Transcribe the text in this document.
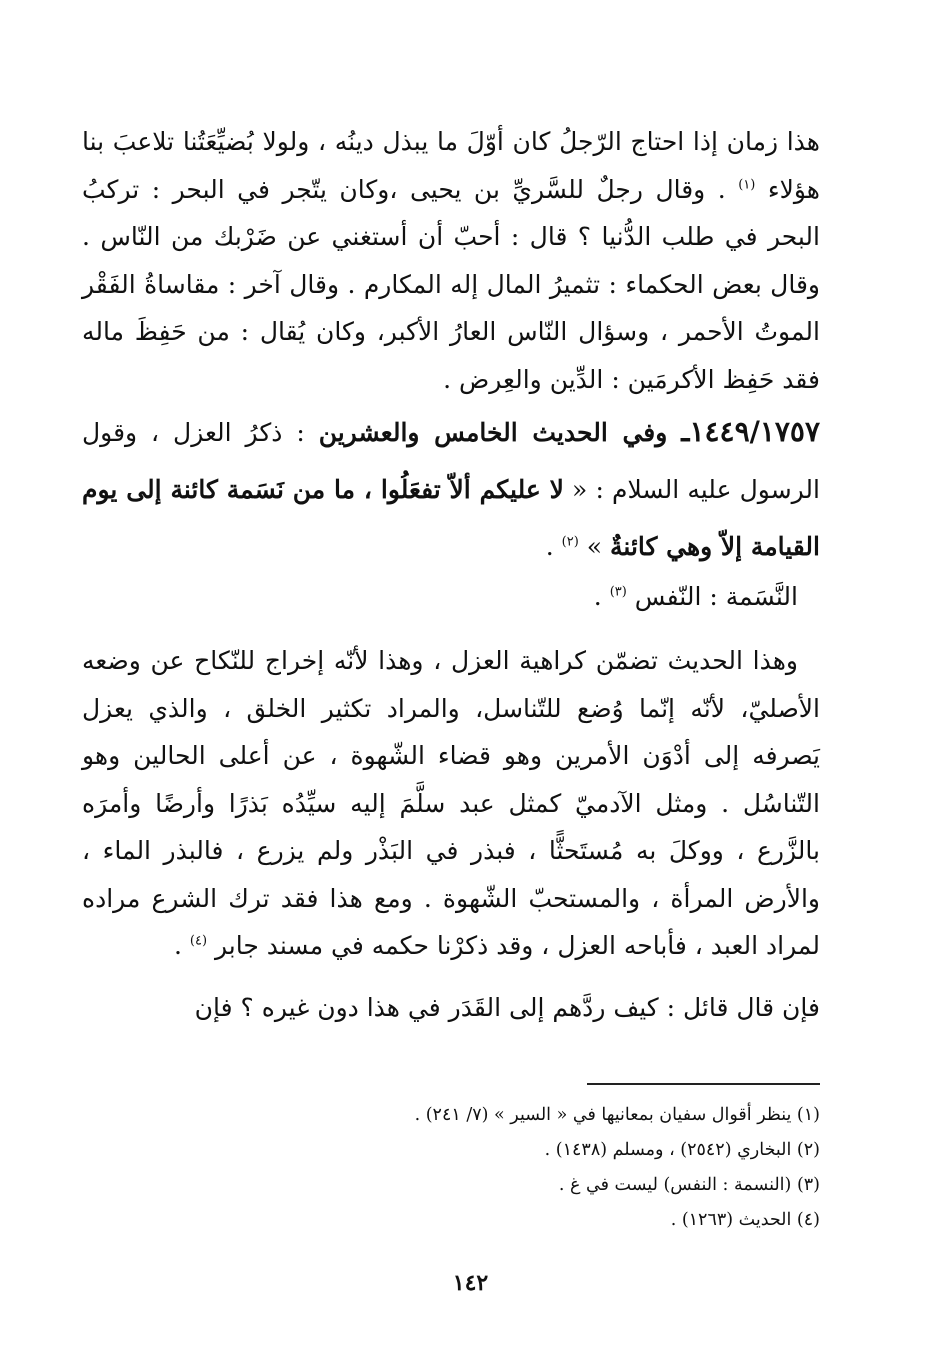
هذا زمان إذا احتاج الرّجلُ كان أوّلَ ما يبذل دينُه ، ولولا بُضيِّعَتُنا تلاعبَ بنا هؤلاء $^{(١)}$ . وقال رجلٌ للسَّريِّ بن يحيى ،وكان يتّجر في البحر : تركبُ البحر في طلب الدُّنيا ؟ قال : أحبّ أن أستغني عن ضَرْبك من النّاس . وقال بعض الحكماء : تثميرُ المال إله المكارم . وقال آخر : مقاساةُ الفَقْر الموتُ الأحمر ، وسؤال النّاس العارُ الأكبر، وكان يُقال : من حَفِظَ ماله فقد حَفِظ الأكرمَين : الدِّين والعِرض .

١٤٤٩/١٧٥٧ـ وفي الحديث الخامس والعشرين : ذكرُ العزل ، وقول الرسول عليه السلام : « لا عليكم ألاّ تفعَلُوا ، ما من نَسَمة كائنة إلى يوم القيامة إلاّ وهي كائنةٌ » $^{(٢)}$ .

النَّسَمة : النّفس $^{(٣)}$ .

وهذا الحديث تضمّن كراهية العزل ، وهذا لأنّه إخراج للنّكاح عن وضعه الأصليّ، لأنّه إنّما وُضع للتّناسل، والمراد تكثير الخلق ، والذي يعزل يَصرفه إلى أدْوَن الأمرين وهو قضاء الشّهوة ، عن أعلى الحالين وهو التّناسُل . ومثل الآدميّ كمثل عبد سلَّمَ إليه سيِّدُه بَذرًا وأرضًا وأمرَه بالزَّرع ، ووكلَ به مُستَحثًّا ، فبذر في البَذْر ولم يزرع ، فالبذر الماء ، والأرض المرأة ، والمستحبّ الشّهوة . ومع هذا فقد ترك الشرع مراده لمراد العبد ، فأباحه العزل ، وقد ذكرْنا حكمه في مسند جابر $^{(٤)}$ .

فإن قال قائل : كيف ردَّهم إلى القَدَر في هذا دون غيره ؟ فإن

(١) ينظر أقوال سفيان بمعانيها في « السير » (٧/ ٢٤١) .

(٢) البخاري (٢٥٤٢) ، ومسلم (١٤٣٨) .

(٣) (النسمة : النفس) ليست في غ .

(٤) الحديث (١٢٦٣) .

١٤٢
